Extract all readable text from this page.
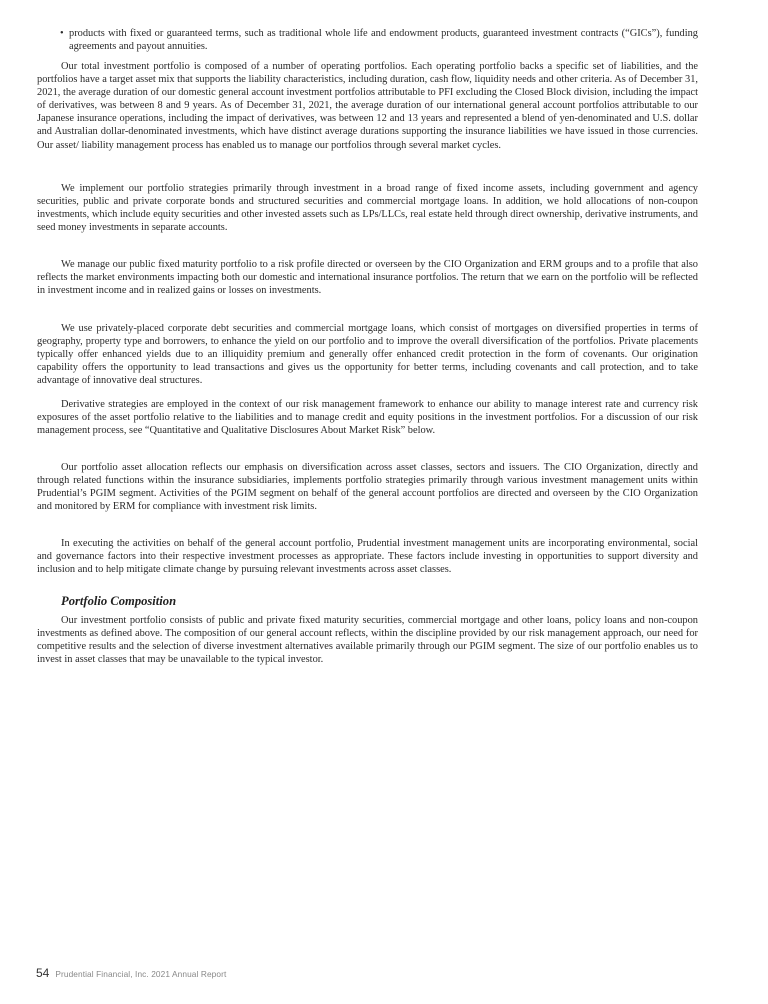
• products with fixed or guaranteed terms, such as traditional whole life and endowment products, guaranteed investment contracts (“GICs”), funding agreements and payout annuities.

Our total investment portfolio is composed of a number of operating portfolios. Each operating portfolio backs a specific set of liabilities, and the portfolios have a target asset mix that supports the liability characteristics, including duration, cash flow, liquidity needs and other criteria. As of December 31, 2021, the average duration of our domestic general account investment portfolios attributable to PFI excluding the Closed Block division, including the impact of derivatives, was between 8 and 9 years. As of December 31, 2021, the average duration of our international general account portfolios attributable to our Japanese insurance operations, including the impact of derivatives, was between 12 and 13 years and represented a blend of yen-denominated and U.S. dollar and Australian dollar-denominated investments, which have distinct average durations supporting the insurance liabilities we have issued in those currencies. Our asset/ liability management process has enabled us to manage our portfolios through several market cycles.

We implement our portfolio strategies primarily through investment in a broad range of fixed income assets, including government and agency securities, public and private corporate bonds and structured securities and commercial mortgage loans. In addition, we hold allocations of non-coupon investments, which include equity securities and other invested assets such as LPs/LLCs, real estate held through direct ownership, derivative instruments, and seed money investments in separate accounts.

We manage our public fixed maturity portfolio to a risk profile directed or overseen by the CIO Organization and ERM groups and to a profile that also reflects the market environments impacting both our domestic and international insurance portfolios. The return that we earn on the portfolio will be reflected in investment income and in realized gains or losses on investments.

We use privately-placed corporate debt securities and commercial mortgage loans, which consist of mortgages on diversified properties in terms of geography, property type and borrowers, to enhance the yield on our portfolio and to improve the overall diversification of the portfolios. Private placements typically offer enhanced yields due to an illiquidity premium and generally offer enhanced credit protection in the form of covenants. Our origination capability offers the opportunity to lead transactions and gives us the opportunity for better terms, including covenants and call protection, and to take advantage of innovative deal structures.

Derivative strategies are employed in the context of our risk management framework to enhance our ability to manage interest rate and currency risk exposures of the asset portfolio relative to the liabilities and to manage credit and equity positions in the investment portfolios. For a discussion of our risk management process, see “Quantitative and Qualitative Disclosures About Market Risk” below.

Our portfolio asset allocation reflects our emphasis on diversification across asset classes, sectors and issuers. The CIO Organization, directly and through related functions within the insurance subsidiaries, implements portfolio strategies primarily through various investment management units within Prudential’s PGIM segment. Activities of the PGIM segment on behalf of the general account portfolios are directed and overseen by the CIO Organization and monitored by ERM for compliance with investment risk limits.

In executing the activities on behalf of the general account portfolio, Prudential investment management units are incorporating environmental, social and governance factors into their respective investment processes as appropriate. These factors include investing in opportunities to support diversity and inclusion and to help mitigate climate change by pursuing relevant investments across asset classes.

Portfolio Composition

Our investment portfolio consists of public and private fixed maturity securities, commercial mortgage and other loans, policy loans and non-coupon investments as defined above. The composition of our general account reflects, within the discipline provided by our risk management approach, our need for competitive results and the selection of diverse investment alternatives available primarily through our PGIM segment. The size of our portfolio enables us to invest in asset classes that may be unavailable to the typical investor.

54 Prudential Financial, Inc. 2021 Annual Report
